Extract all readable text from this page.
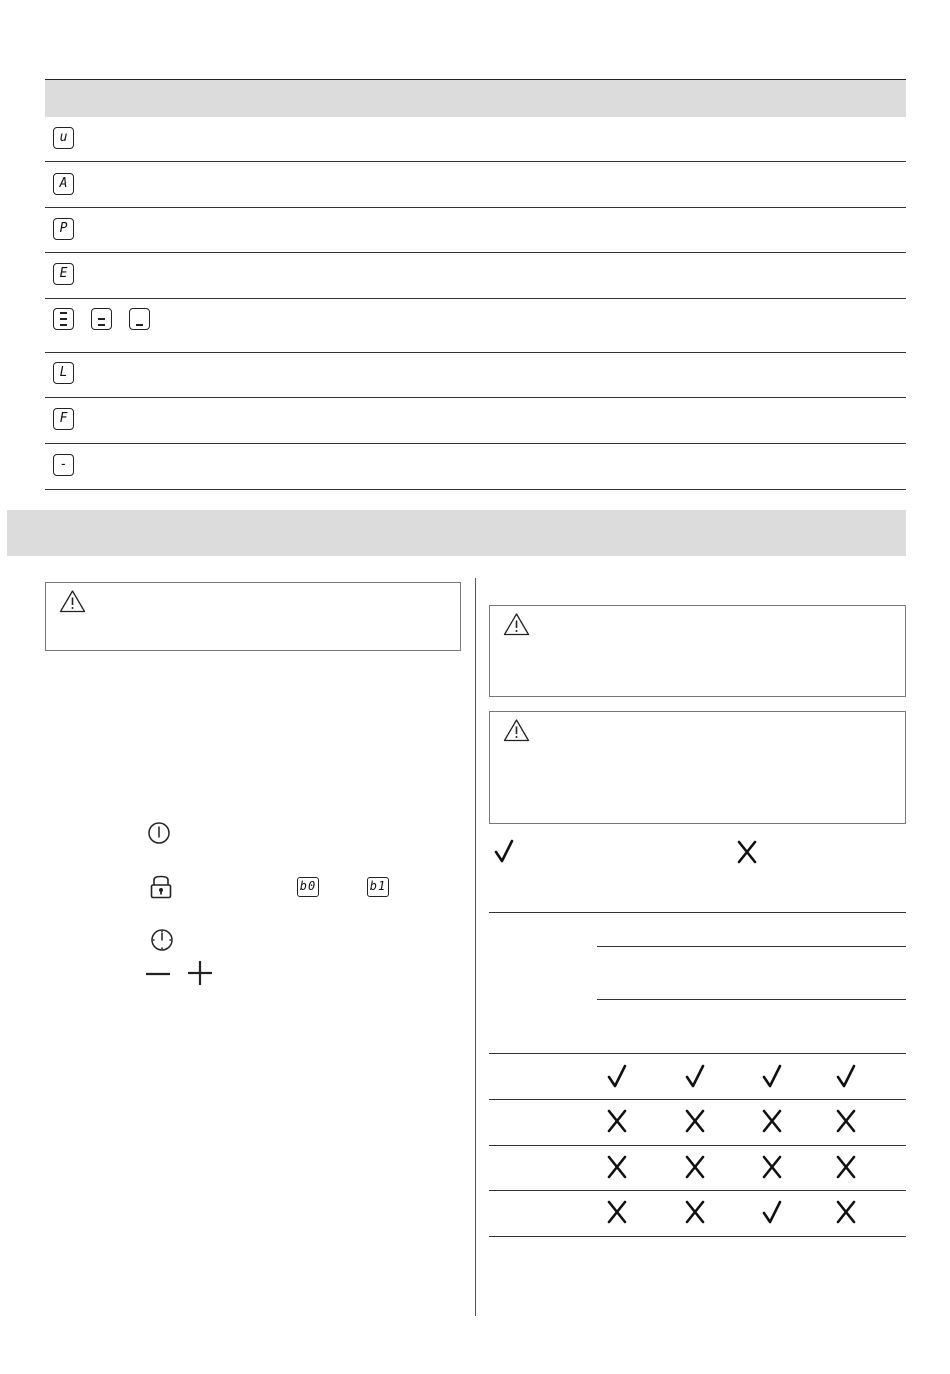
u
A
P
E
L
F
-
b0	b1
